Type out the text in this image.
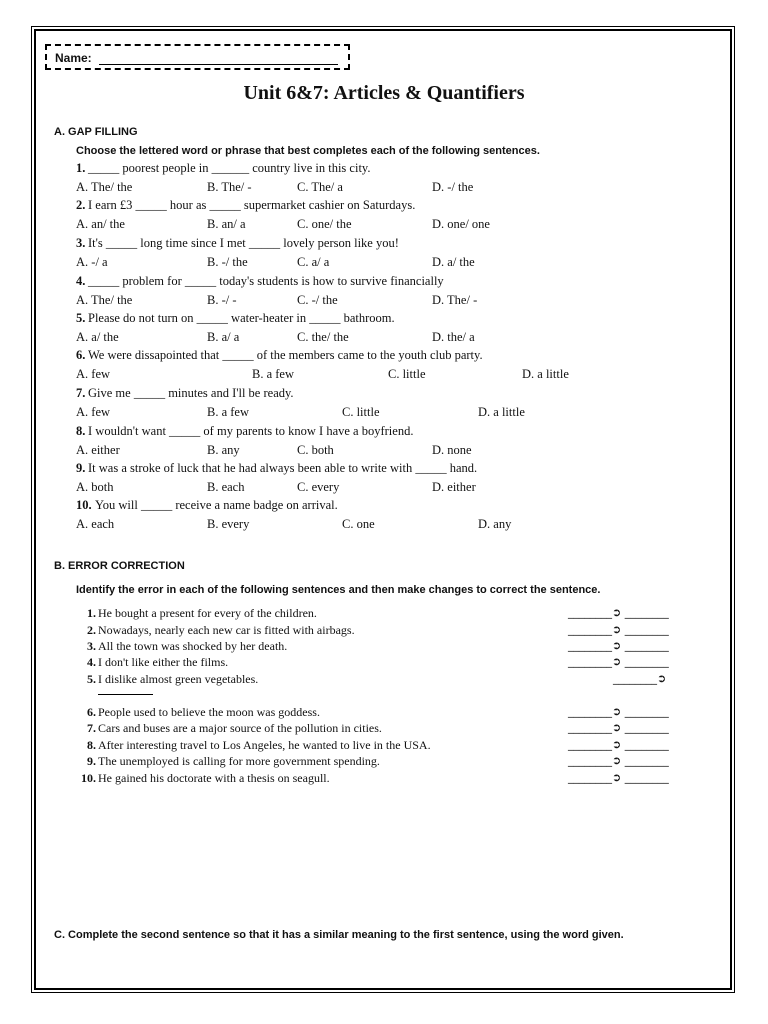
Name:
Unit 6&7: Articles & Quantifiers
A. GAP FILLING
Choose the lettered word or phrase that best completes each of the following sentences.
1. _____ poorest people in ______ country live in this city.
A. The/ the	B. The/ -	C. The/ a	D. -/ the
2. I earn £3 _____ hour as _____ supermarket cashier on Saturdays.
A. an/ the	B. an/ a	C. one/ the	D. one/ one
3. It's _____ long time since I met _____ lovely person like you!
A. -/ a	B. -/ the	C. a/ a	D. a/ the
4. _____ problem for _____ today's students is how to survive financially
A. The/ the	B. -/ -	C. -/ the	D. The/ -
5. Please do not turn on _____ water-heater in _____ bathroom.
A. a/ the	B. a/ a	C. the/ the	D. the/ a
6. We were dissapointed that _____ of the members came to the youth club party.
A. few	B. a few	C. little	D. a little
7. Give me _____ minutes and I'll be ready.
A. few	B. a few	C. little	D. a little
8. I wouldn't want _____ of my parents to know I have a boyfriend.
A. either	B. any	C. both	D. none
9. It was a stroke of luck that he had always been able to write with _____ hand.
A. both	B. each	C. every	D. either
10. You will _____ receive a name badge on arrival.
A. each	B. every	C. one	D. any
B. ERROR CORRECTION
Identify the error in each of the following sentences and then make changes to correct the sentence.
1. He bought a present for every of the children.	________➲ ________
2. Nowadays, nearly each new car is fitted with airbags.	________➲ ________
3. All the town was shocked by her death.	________➲ ________
4. I don't like either the films.	________➲ ________
5. I dislike almost green vegetables.	________➲
6. People used to believe the moon was goddess.	________➲ ________
7. Cars and buses are a major source of the pollution in cities.	________➲ ________
8. After interesting travel to Los Angeles, he wanted to live in the USA.	________➲ ________
9. The unemployed is calling for more government spending.	________➲ ________
10. He gained his doctorate with a thesis on seagull.	________➲ ________
C. Complete the second sentence so that it has a similar meaning to the first sentence, using the word given.
